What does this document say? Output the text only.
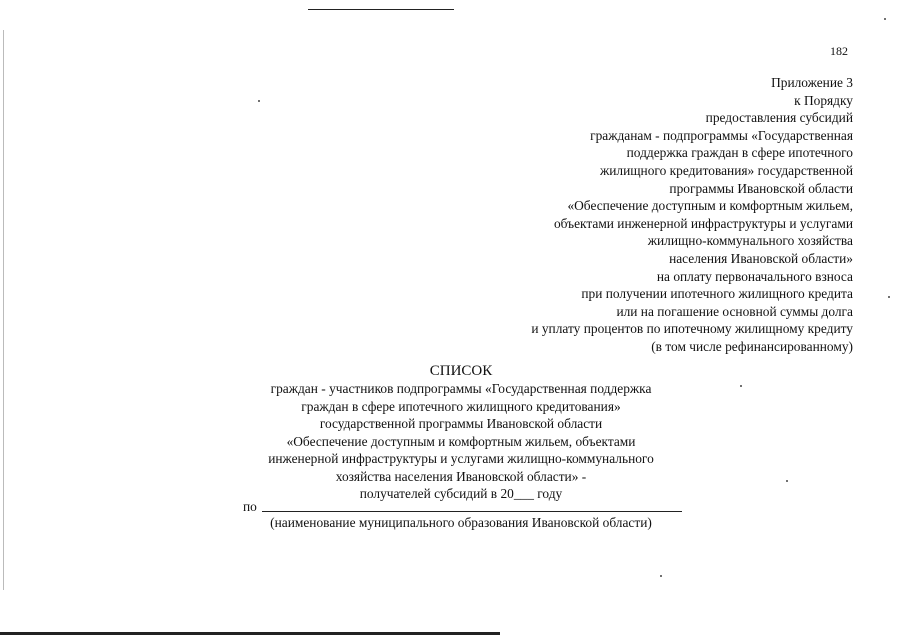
182
Приложение 3
к Порядку
предоставления субсидий
гражданам - подпрограммы «Государственная
поддержка граждан в сфере ипотечного
жилищного кредитования» государственной
программы Ивановской области
«Обеспечение доступным и комфортным жильем,
объектами инженерной инфраструктуры и услугами
жилищно-коммунального хозяйства
населения Ивановской области»
на оплату первоначального взноса
при получении ипотечного жилищного кредита
или на погашение основной суммы долга
и уплату процентов по ипотечному жилищному кредиту
(в том числе рефинансированному)
СПИСОК
граждан - участников подпрограммы «Государственная поддержка
граждан в сфере ипотечного жилищного кредитования»
государственной программы Ивановской области
«Обеспечение доступным и комфортным жильем, объектами
инженерной инфраструктуры и услугами жилищно-коммунального
хозяйства населения Ивановской области» -
получателей субсидий в 20___ году
по
(наименование муниципального образования Ивановской области)
